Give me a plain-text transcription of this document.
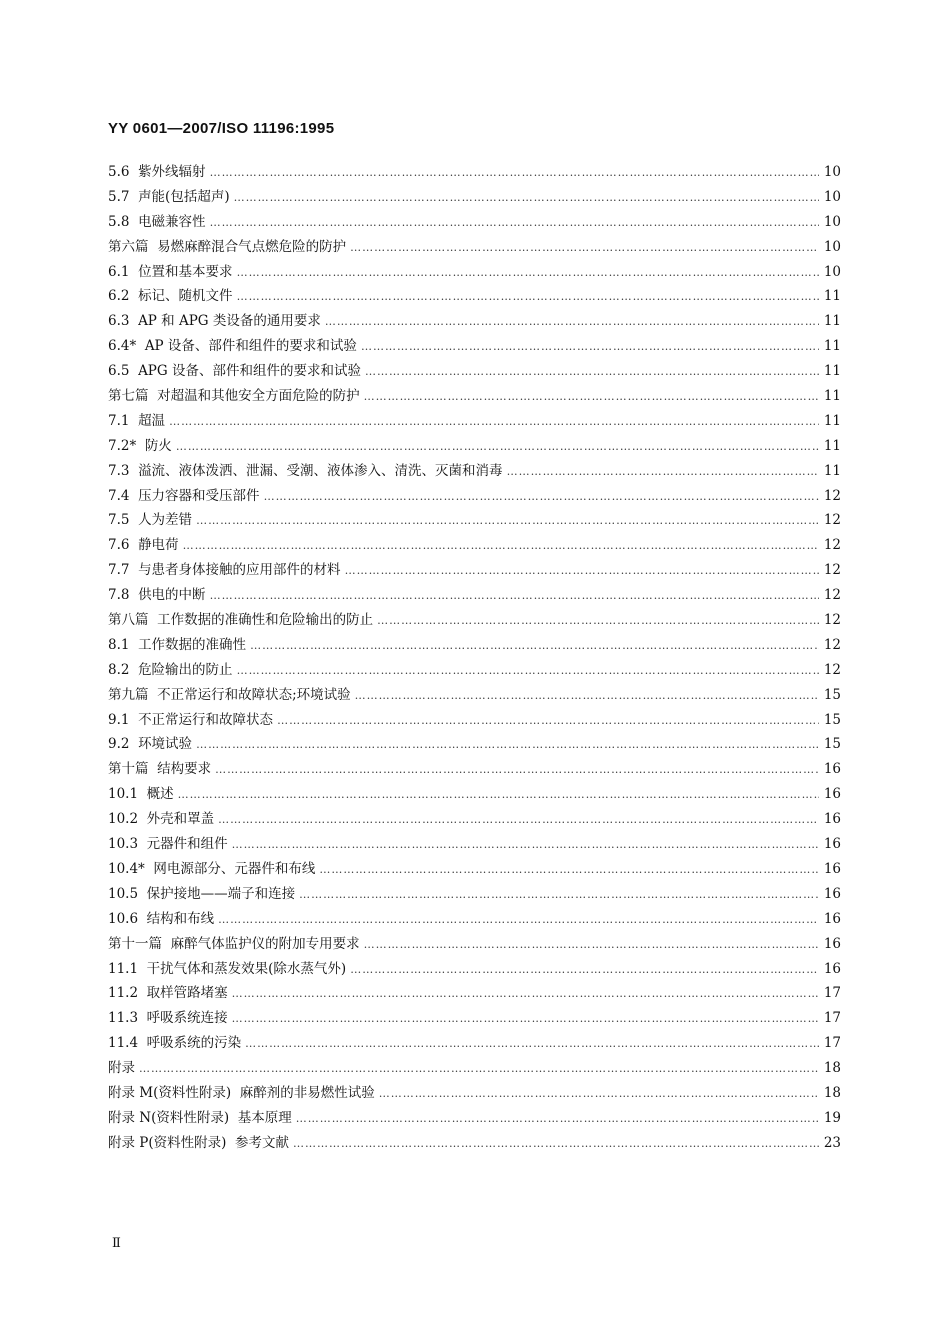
YY 0601—2007/ISO 11196:1995
5.6 紫外线辐射 ……………………………………………………………………………………………………………………………………………………………………………………………………………………	10
5.7 声能(包括超声) ……………………………………………………………………………………………………………………………………………………………………………………………………………………	10
5.8 电磁兼容性 ……………………………………………………………………………………………………………………………………………………………………………………………………………………	10
第六篇 易燃麻醉混合气点燃危险的防护 ……………………………………………………………………………………………………………………………………………………………………………………………………………………	10
6.1 位置和基本要求 ……………………………………………………………………………………………………………………………………………………………………………………………………………………	10
6.2 标记、随机文件 ……………………………………………………………………………………………………………………………………………………………………………………………………………………	11
6.3 AP 和 APG 类设备的通用要求 ……………………………………………………………………………………………………………………………………………………………………………………………………………………	11
6.4* AP 设备、部件和组件的要求和试验 ……………………………………………………………………………………………………………………………………………………………………………………………………………………	11
6.5 APG 设备、部件和组件的要求和试验 ……………………………………………………………………………………………………………………………………………………………………………………………………………………	11
第七篇 对超温和其他安全方面危险的防护 ……………………………………………………………………………………………………………………………………………………………………………………………………………………	11
7.1 超温 ……………………………………………………………………………………………………………………………………………………………………………………………………………………	11
7.2* 防火 ……………………………………………………………………………………………………………………………………………………………………………………………………………………	11
7.3 溢流、液体泼洒、泄漏、受潮、液体渗入、清洗、灭菌和消毒 ……………………………………………………………………………………………………………………………………………………………………………………………………………………	11
7.4 压力容器和受压部件 ……………………………………………………………………………………………………………………………………………………………………………………………………………………	12
7.5 人为差错 ……………………………………………………………………………………………………………………………………………………………………………………………………………………	12
7.6 静电荷 ……………………………………………………………………………………………………………………………………………………………………………………………………………………	12
7.7 与患者身体接触的应用部件的材料 ……………………………………………………………………………………………………………………………………………………………………………………………………………………	12
7.8 供电的中断 ……………………………………………………………………………………………………………………………………………………………………………………………………………………	12
第八篇 工作数据的准确性和危险输出的防止 ……………………………………………………………………………………………………………………………………………………………………………………………………………………	12
8.1 工作数据的准确性 ……………………………………………………………………………………………………………………………………………………………………………………………………………………	12
8.2 危险输出的防止 ……………………………………………………………………………………………………………………………………………………………………………………………………………………	12
第九篇 不正常运行和故障状态;环境试验 ……………………………………………………………………………………………………………………………………………………………………………………………………………………	15
9.1 不正常运行和故障状态 ……………………………………………………………………………………………………………………………………………………………………………………………………………………	15
9.2 环境试验 ……………………………………………………………………………………………………………………………………………………………………………………………………………………	15
第十篇 结构要求 ……………………………………………………………………………………………………………………………………………………………………………………………………………………	16
10.1 概述 ……………………………………………………………………………………………………………………………………………………………………………………………………………………	16
10.2 外壳和罩盖 ……………………………………………………………………………………………………………………………………………………………………………………………………………………	16
10.3 元器件和组件 ……………………………………………………………………………………………………………………………………………………………………………………………………………………	16
10.4* 网电源部分、元器件和布线 ……………………………………………………………………………………………………………………………………………………………………………………………………………………	16
10.5 保护接地——端子和连接 ……………………………………………………………………………………………………………………………………………………………………………………………………………………	16
10.6 结构和布线 ……………………………………………………………………………………………………………………………………………………………………………………………………………………	16
第十一篇 麻醉气体监护仪的附加专用要求 ……………………………………………………………………………………………………………………………………………………………………………………………………………………	16
11.1 干扰气体和蒸发效果(除水蒸气外) ……………………………………………………………………………………………………………………………………………………………………………………………………………………	16
11.2 取样管路堵塞 ……………………………………………………………………………………………………………………………………………………………………………………………………………………	17
11.3 呼吸系统连接 ……………………………………………………………………………………………………………………………………………………………………………………………………………………	17
11.4 呼吸系统的污染 ……………………………………………………………………………………………………………………………………………………………………………………………………………………	17
附录 ……………………………………………………………………………………………………………………………………………………………………………………………………………………	18
附录 M(资料性附录) 麻醉剂的非易燃性试验 ……………………………………………………………………………………………………………………………………………………………………………………………………………………	18
附录 N(资料性附录) 基本原理 ……………………………………………………………………………………………………………………………………………………………………………………………………………………	19
附录 P(资料性附录) 参考文献 ……………………………………………………………………………………………………………………………………………………………………………………………………………………	23
Ⅱ
